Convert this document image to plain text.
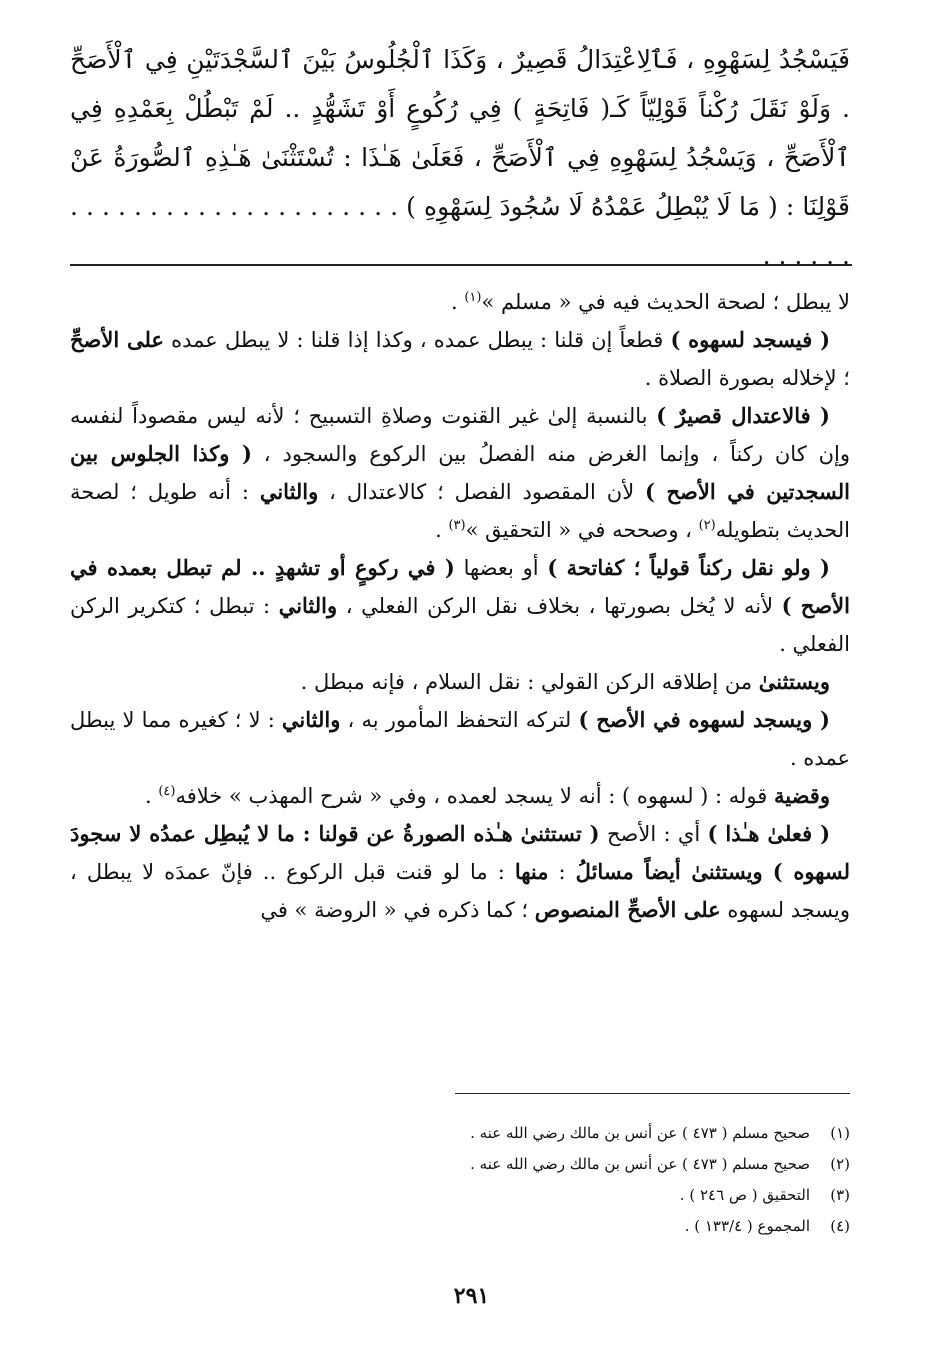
فَيَسْجُدُ لِسَهْوِهِ ، فَٱلِاعْتِدَالُ قَصِيرٌ ، وَكَذَا ٱلْجُلُوسُ بَيْنَ ٱلسَّجْدَتَيْنِ فِي ٱلْأَصَحِّ . وَلَوْ نَقَلَ رُكْناً قَوْلِيّاً كَـ( فَاتِحَةٍ ) فِي رُكُوعٍ أَوْ تَشَهُّدٍ .. لَمْ تَبْطُلْ بِعَمْدِهِ فِي ٱلْأَصَحِّ ، وَيَسْجُدُ لِسَهْوِهِ فِي ٱلْأَصَحِّ ، فَعَلَىٰ هَـٰذَا : تُسْتَثْنَىٰ هَـٰذِهِ ٱلصُّورَةُ عَنْ قَوْلِنَا : ( مَا لَا يُبْطِلُ عَمْدُهُ لَا سُجُودَ لِسَهْوِهِ ) . . . . . . . . . . . . . . . . . . . . . . . . . . .

لا يبطل ؛ لصحة الحديث فيه في « مسلم »$^{(١)}$ .

( فيسجد لسهوه ) قطعاً إن قلنا : يبطل عمده ، وكذا إذا قلنا : لا يبطل عمده على الأصحِّ ؛ لإخلاله بصورة الصلاة .

( فالاعتدال قصيرٌ ) بالنسبة إلىٰ غير القنوت وصلاةِ التسبيح ؛ لأنه ليس مقصوداً لنفسه وإن كان ركناً ، وإنما الغرض منه الفصلُ بين الركوع والسجود ، ( وكذا الجلوس بين السجدتين في الأصح ) لأن المقصود الفصل ؛ كالاعتدال ، والثاني : أنه طويل ؛ لصحة الحديث بتطويله$^{(٢)}$ ، وصححه في « التحقيق »$^{(٣)}$ .

( ولو نقل ركناً قولياً ؛ كفاتحة ) أو بعضها ( في ركوعٍ أو تشهدٍ .. لم تبطل بعمده في الأصح ) لأنه لا يُخل بصورتها ، بخلاف نقل الركن الفعلي ، والثاني : تبطل ؛ كتكرير الركن الفعلي .

ويستثنىٰ من إطلاقه الركن القولي : نقل السلام ، فإنه مبطل .

( ويسجد لسهوه في الأصح ) لتركه التحفظ المأمور به ، والثاني : لا ؛ كغيره مما لا يبطل عمده .

وقضية قوله : ( لسهوه ) : أنه لا يسجد لعمده ، وفي « شرح المهذب » خلافه$^{(٤)}$ .

( فعلىٰ هـٰذا ) أي : الأصح ( تستثنىٰ هـٰذه الصورةُ عن قولنا : ما لا يُبطِل عمدُه لا سجودَ لسهوه ) ويستثنىٰ أيضاً مسائلُ : منها : ما لو قنت قبل الركوع .. فإنّ عمدَه لا يبطل ، ويسجد لسهوه على الأصحِّ المنصوص ؛ كما ذكره في « الروضة » في

(١)صحيح مسلم ( ٤٧٣ ) عن أنس بن مالك رضي الله عنه .
(٢)صحيح مسلم ( ٤٧٣ ) عن أنس بن مالك رضي الله عنه .
(٣)التحقيق ( ص ٢٤٦ ) .
(٤)المجموع ( ١٣٣/٤ ) .
٢٩١
